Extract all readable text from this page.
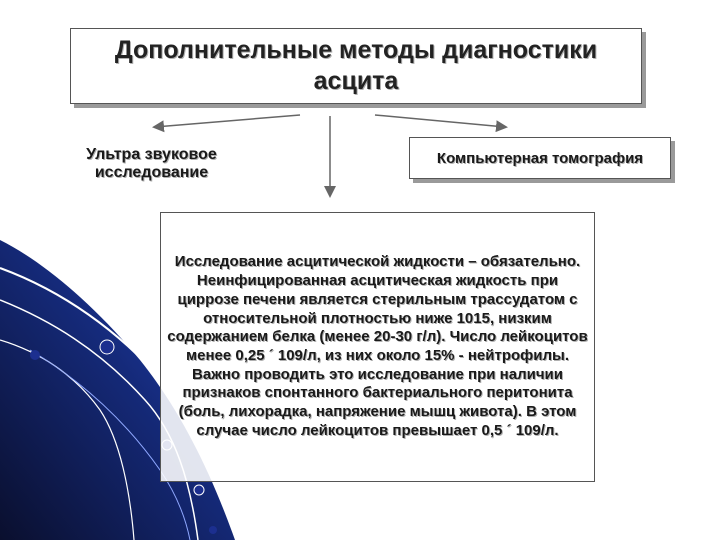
Дополнительные методы диагностики асцита
Ультра звуковое исследование
Компьютерная томография
Исследование асцитической жидкости – обязательно. Неинфицированная асцитическая жидкость при циррозе печени является стерильным трассудатом с относительной плотностью ниже 1015, низким содержанием белка (менее 20-30 г/л). Число лейкоцитов менее 0,25 ´ 109/л, из них около 15% - нейтрофилы. Важно проводить это исследование при наличии признаков спонтанного бактериального перитонита (боль, лихорадка, напряжение мышц живота). В этом случае число лейкоцитов превышает 0,5 ´ 109/л.
